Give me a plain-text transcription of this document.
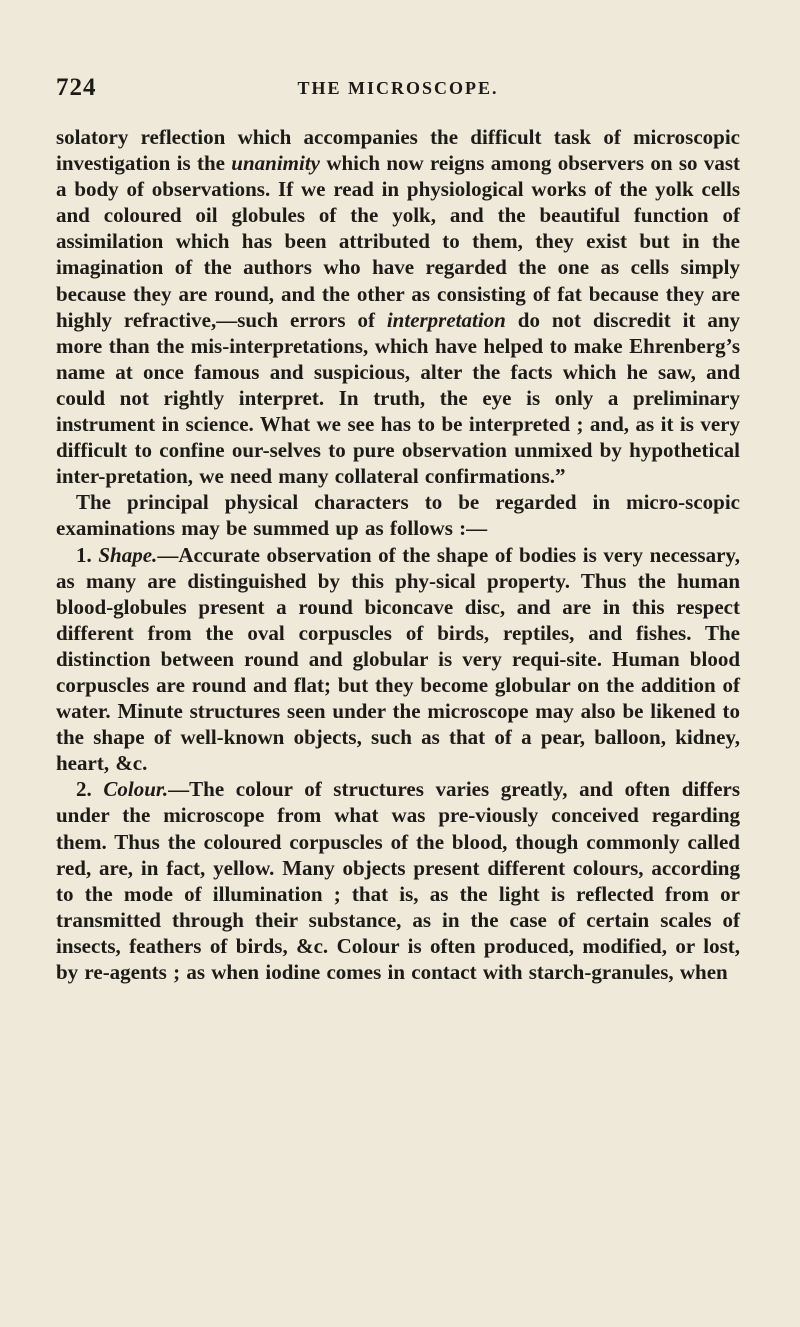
724	THE MICROSCOPE.

solatory reflection which accompanies the difficult task of microscopic investigation is the unanimity which now reigns among observers on so vast a body of observations. If we read in physiological works of the yolk cells and coloured oil globules of the yolk, and the beautiful function of assimilation which has been attributed to them, they exist but in the imagination of the authors who have regarded the one as cells simply because they are round, and the other as consisting of fat because they are highly refractive,—such errors of interpretation do not discredit it any more than the mis-interpretations, which have helped to make Ehrenberg’s name at once famous and suspicious, alter the facts which he saw, and could not rightly interpret. In truth, the eye is only a preliminary instrument in science. What we see has to be interpreted ; and, as it is very difficult to confine our-selves to pure observation unmixed by hypothetical inter-pretation, we need many collateral confirmations.”

The principal physical characters to be regarded in micro-scopic examinations may be summed up as follows :—

1. Shape.—Accurate observation of the shape of bodies is very necessary, as many are distinguished by this phy-sical property. Thus the human blood-globules present a round biconcave disc, and are in this respect different from the oval corpuscles of birds, reptiles, and fishes. The distinction between round and globular is very requi-site. Human blood corpuscles are round and flat; but they become globular on the addition of water. Minute structures seen under the microscope may also be likened to the shape of well-known objects, such as that of a pear, balloon, kidney, heart, &c.

2. Colour.—The colour of structures varies greatly, and often differs under the microscope from what was pre-viously conceived regarding them. Thus the coloured corpuscles of the blood, though commonly called red, are, in fact, yellow. Many objects present different colours, according to the mode of illumination ; that is, as the light is reflected from or transmitted through their substance, as in the case of certain scales of insects, feathers of birds, &c. Colour is often produced, modified, or lost, by re-agents ; as when iodine comes in contact with starch-granules, when
